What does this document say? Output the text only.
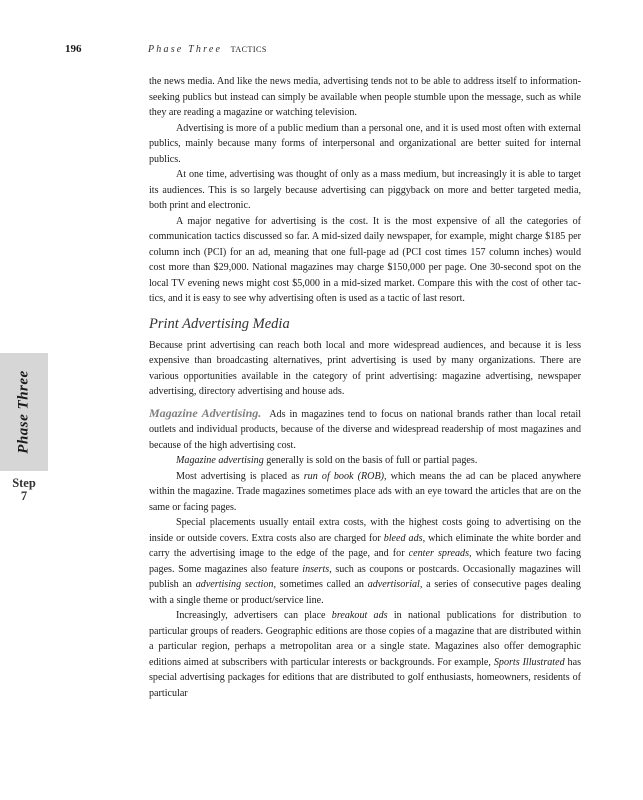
196	Phase Three TACTICS
Phase Three
Step
7

the news media. And like the news media, advertising tends not to be able to address itself to information-seeking publics but instead can simply be available when people stumble upon the message, such as while they are reading a magazine or watching television.

Advertising is more of a public medium than a personal one, and it is used most often with external publics, mainly because many forms of interpersonal and organizational are better suited for internal publics.

At one time, advertising was thought of only as a mass medium, but increasingly it is able to target its audiences. This is so largely because advertising can piggyback on more and better targeted media, both print and electronic.

A major negative for advertising is the cost. It is the most expensive of all the categories of communication tactics discussed so far. A mid-sized daily newspaper, for example, might charge $185 per column inch (PCI) for an ad, meaning that one full-page ad (PCI cost times 157 column inches) would cost more than $29,000. National magazines may charge $150,000 per page. One 30-second spot on the local TV evening news might cost $5,000 in a mid-sized market. Compare this with the cost of other tactics, and it is easy to see why advertising often is used as a tactic of last resort.

Print Advertising Media

Because print advertising can reach both local and more widespread audiences, and because it is less expensive than broadcasting alternatives, print advertising is used by many organizations. There are various opportunities available in the category of print advertising: magazine advertising, newspaper advertising, directory advertising and house ads.

Magazine Advertising. Ads in magazines tend to focus on national brands rather than local retail outlets and individual products, because of the diverse and widespread readership of most magazines and because of the high advertising cost.

Magazine advertising generally is sold on the basis of full or partial pages.

Most advertising is placed as run of book (ROB), which means the ad can be placed anywhere within the magazine. Trade magazines sometimes place ads with an eye toward the articles that are on the same or facing pages.

Special placements usually entail extra costs, with the highest costs going to advertising on the inside or outside covers. Extra costs also are charged for bleed ads, which eliminate the white border and carry the advertising image to the edge of the page, and for center spreads, which feature two facing pages. Some magazines also feature inserts, such as coupons or postcards. Occasionally magazines will publish an advertising section, sometimes called an advertisorial, a series of consecutive pages dealing with a single theme or product/service line.

Increasingly, advertisers can place breakout ads in national publications for distribution to particular groups of readers. Geographic editions are those copies of a magazine that are distributed within a particular region, perhaps a metropolitan area or a single state. Magazines also offer demographic editions aimed at subscribers with particular interests or backgrounds. For example, Sports Illustrated has special advertising packages for editions that are distributed to golf enthusiasts, homeowners, residents of particular
